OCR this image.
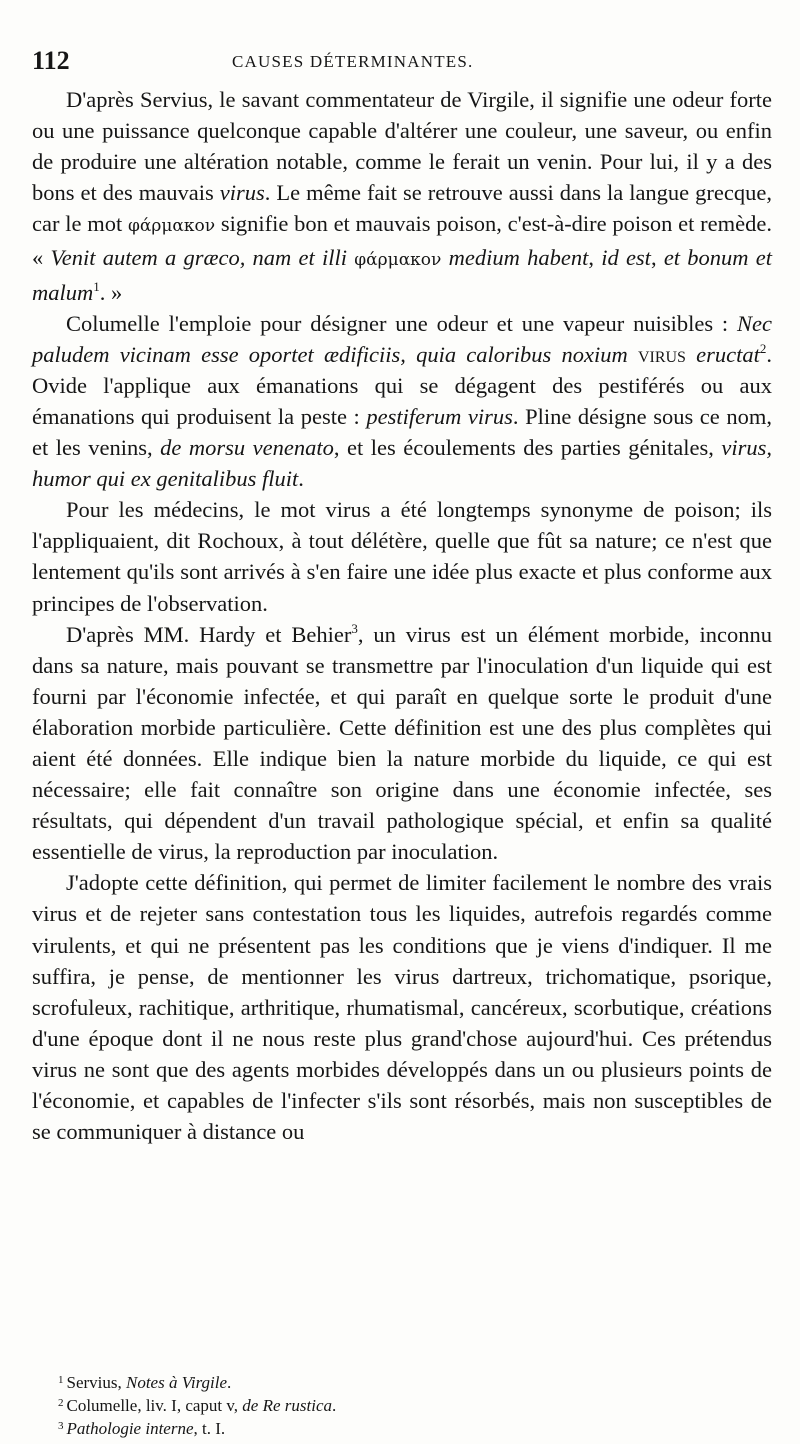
112	CAUSES DÉTERMINANTES.

D'après Servius, le savant commentateur de Virgile, il signifie une odeur forte ou une puissance quelconque capable d'altérer une couleur, une saveur, ou enfin de produire une altération notable, comme le ferait un venin. Pour lui, il y a des bons et des mauvais virus. Le même fait se retrouve aussi dans la langue grecque, car le mot φάρμακον signifie bon et mauvais poison, c'est-à-dire poison et remède. « Venit autem a græco, nam et illi φάρμακον medium habent, id est, et bonum et malum$^1$. »

Columelle l'emploie pour désigner une odeur et une vapeur nuisibles : Nec paludem vicinam esse oportet ædificiis, quia caloribus noxium virus eructat$^2$. Ovide l'applique aux émanations qui se dégagent des pestiférés ou aux émanations qui produisent la peste : pestiferum virus. Pline désigne sous ce nom, et les venins, de morsu venenato, et les écoulements des parties génitales, virus, humor qui ex genitalibus fluit.

Pour les médecins, le mot virus a été longtemps synonyme de poison; ils l'appliquaient, dit Rochoux, à tout délétère, quelle que fût sa nature; ce n'est que lentement qu'ils sont arrivés à s'en faire une idée plus exacte et plus conforme aux principes de l'observation.

D'après MM. Hardy et Behier$^3$, un virus est un élément morbide, inconnu dans sa nature, mais pouvant se transmettre par l'inoculation d'un liquide qui est fourni par l'économie infectée, et qui paraît en quelque sorte le produit d'une élaboration morbide particulière. Cette définition est une des plus complètes qui aient été données. Elle indique bien la nature morbide du liquide, ce qui est nécessaire; elle fait connaître son origine dans une économie infectée, ses résultats, qui dépendent d'un travail pathologique spécial, et enfin sa qualité essentielle de virus, la reproduction par inoculation.

J'adopte cette définition, qui permet de limiter facilement le nombre des vrais virus et de rejeter sans contestation tous les liquides, autrefois regardés comme virulents, et qui ne présentent pas les conditions que je viens d'indiquer. Il me suffira, je pense, de mentionner les virus dartreux, trichomatique, psorique, scrofuleux, rachitique, arthritique, rhumatismal, cancéreux, scorbutique, créations d'une époque dont il ne nous reste plus grand'chose aujourd'hui. Ces prétendus virus ne sont que des agents morbides développés dans un ou plusieurs points de l'économie, et capables de l'infecter s'ils sont résorbés, mais non susceptibles de se communiquer à distance ou

$^1$ Servius, Notes à Virgile.
$^2$ Columelle, liv. I, caput v, de Re rustica.
$^3$ Pathologie interne, t. I.
